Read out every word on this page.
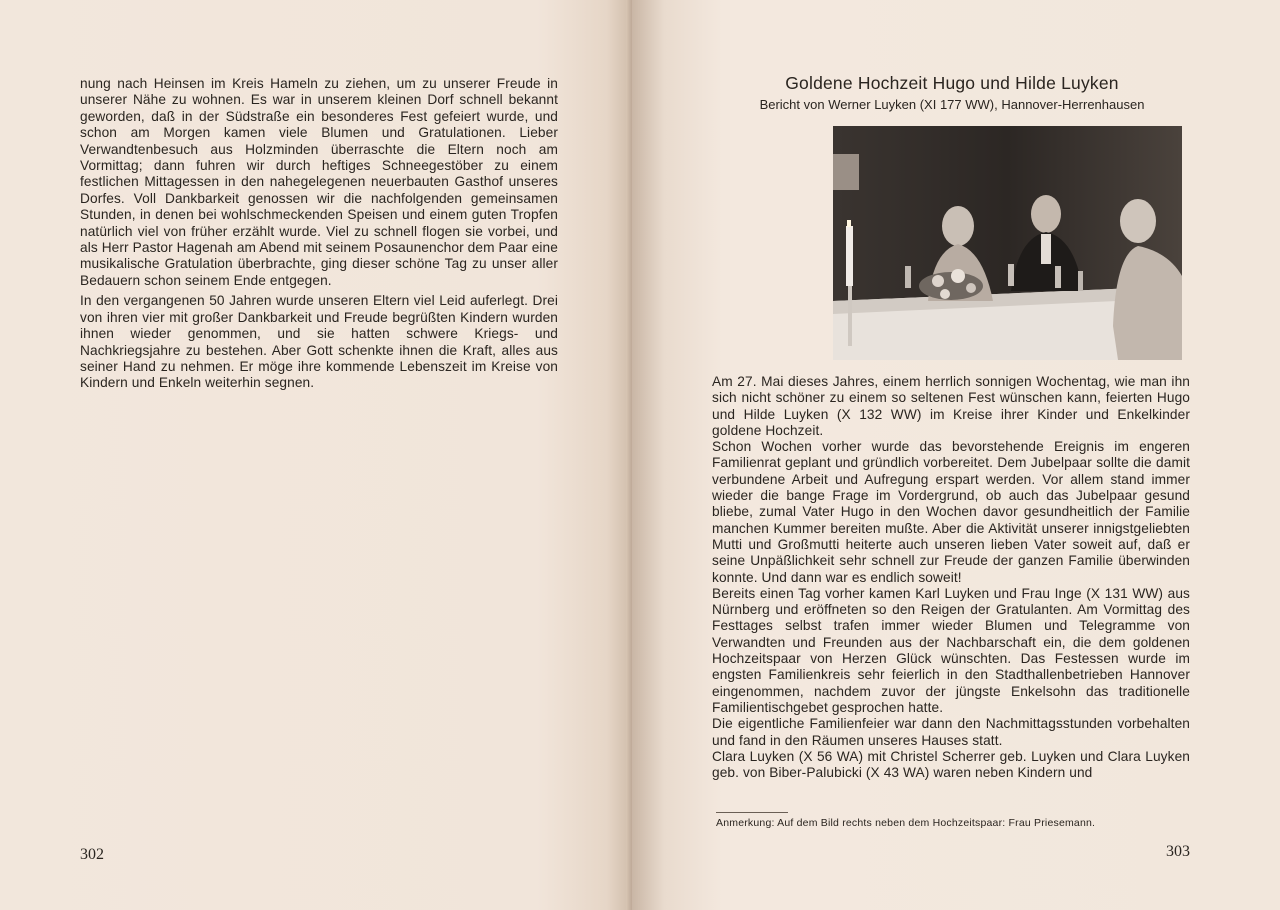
nung nach Heinsen im Kreis Hameln zu ziehen, um zu unserer Freude in unserer Nähe zu wohnen. Es war in unserem kleinen Dorf schnell bekannt geworden, daß in der Südstraße ein besonderes Fest gefeiert wurde, und schon am Morgen kamen viele Blumen und Gratulationen. Lieber Verwandtenbesuch aus Holzminden überraschte die Eltern noch am Vormittag; dann fuhren wir durch heftiges Schneegestöber zu einem festlichen Mittagessen in den nahegelegenen neuerbauten Gasthof unseres Dorfes. Voll Dankbarkeit genossen wir die nachfolgenden gemeinsamen Stunden, in denen bei wohlschmeckenden Speisen und einem guten Tropfen natürlich viel von früher erzählt wurde. Viel zu schnell flogen sie vorbei, und als Herr Pastor Hagenah am Abend mit seinem Posaunenchor dem Paar eine musikalische Gratulation überbrachte, ging dieser schöne Tag zu unser aller Bedauern schon seinem Ende entgegen.

In den vergangenen 50 Jahren wurde unseren Eltern viel Leid auferlegt. Drei von ihren vier mit großer Dankbarkeit und Freude begrüßten Kindern wurden ihnen wieder genommen, und sie hatten schwere Kriegs- und Nachkriegsjahre zu bestehen. Aber Gott schenkte ihnen die Kraft, alles aus seiner Hand zu nehmen. Er möge ihre kommende Lebenszeit im Kreise von Kindern und Enkeln weiterhin segnen.

302
Goldene Hochzeit Hugo und Hilde Luyken
Bericht von Werner Luyken (XI 177 WW), Hannover-Herrenhausen

Am 27. Mai dieses Jahres, einem herrlich sonnigen Wochentag, wie man ihn sich nicht schöner zu einem so seltenen Fest wünschen kann, feierten Hugo und Hilde Luyken (X 132 WW) im Kreise ihrer Kinder und Enkelkinder goldene Hochzeit.

Schon Wochen vorher wurde das bevorstehende Ereignis im engeren Familienrat geplant und gründlich vorbereitet. Dem Jubelpaar sollte die damit verbundene Arbeit und Aufregung erspart werden. Vor allem stand immer wieder die bange Frage im Vordergrund, ob auch das Jubelpaar gesund bliebe, zumal Vater Hugo in den Wochen davor gesundheitlich der Familie manchen Kummer bereiten mußte. Aber die Aktivität unserer innigstgeliebten Mutti und Großmutti heiterte auch unseren lieben Vater soweit auf, daß er seine Unpäßlichkeit sehr schnell zur Freude der ganzen Familie überwinden konnte. Und dann war es endlich soweit!

Bereits einen Tag vorher kamen Karl Luyken und Frau Inge (X 131 WW) aus Nürnberg und eröffneten so den Reigen der Gratulanten. Am Vormittag des Festtages selbst trafen immer wieder Blumen und Telegramme von Verwandten und Freunden aus der Nachbarschaft ein, die dem goldenen Hochzeitspaar von Herzen Glück wünschten. Das Festessen wurde im engsten Familienkreis sehr feierlich in den Stadthallenbetrieben Hannover eingenommen, nachdem zuvor der jüngste Enkelsohn das traditionelle Familientischgebet gesprochen hatte.

Die eigentliche Familienfeier war dann den Nachmittagsstunden vorbehalten und fand in den Räumen unseres Hauses statt.

Clara Luyken (X 56 WA) mit Christel Scherrer geb. Luyken und Clara Luyken geb. von Biber-Palubicki (X 43 WA) waren neben Kindern und

Anmerkung: Auf dem Bild rechts neben dem Hochzeitspaar: Frau Priesemann.
303
